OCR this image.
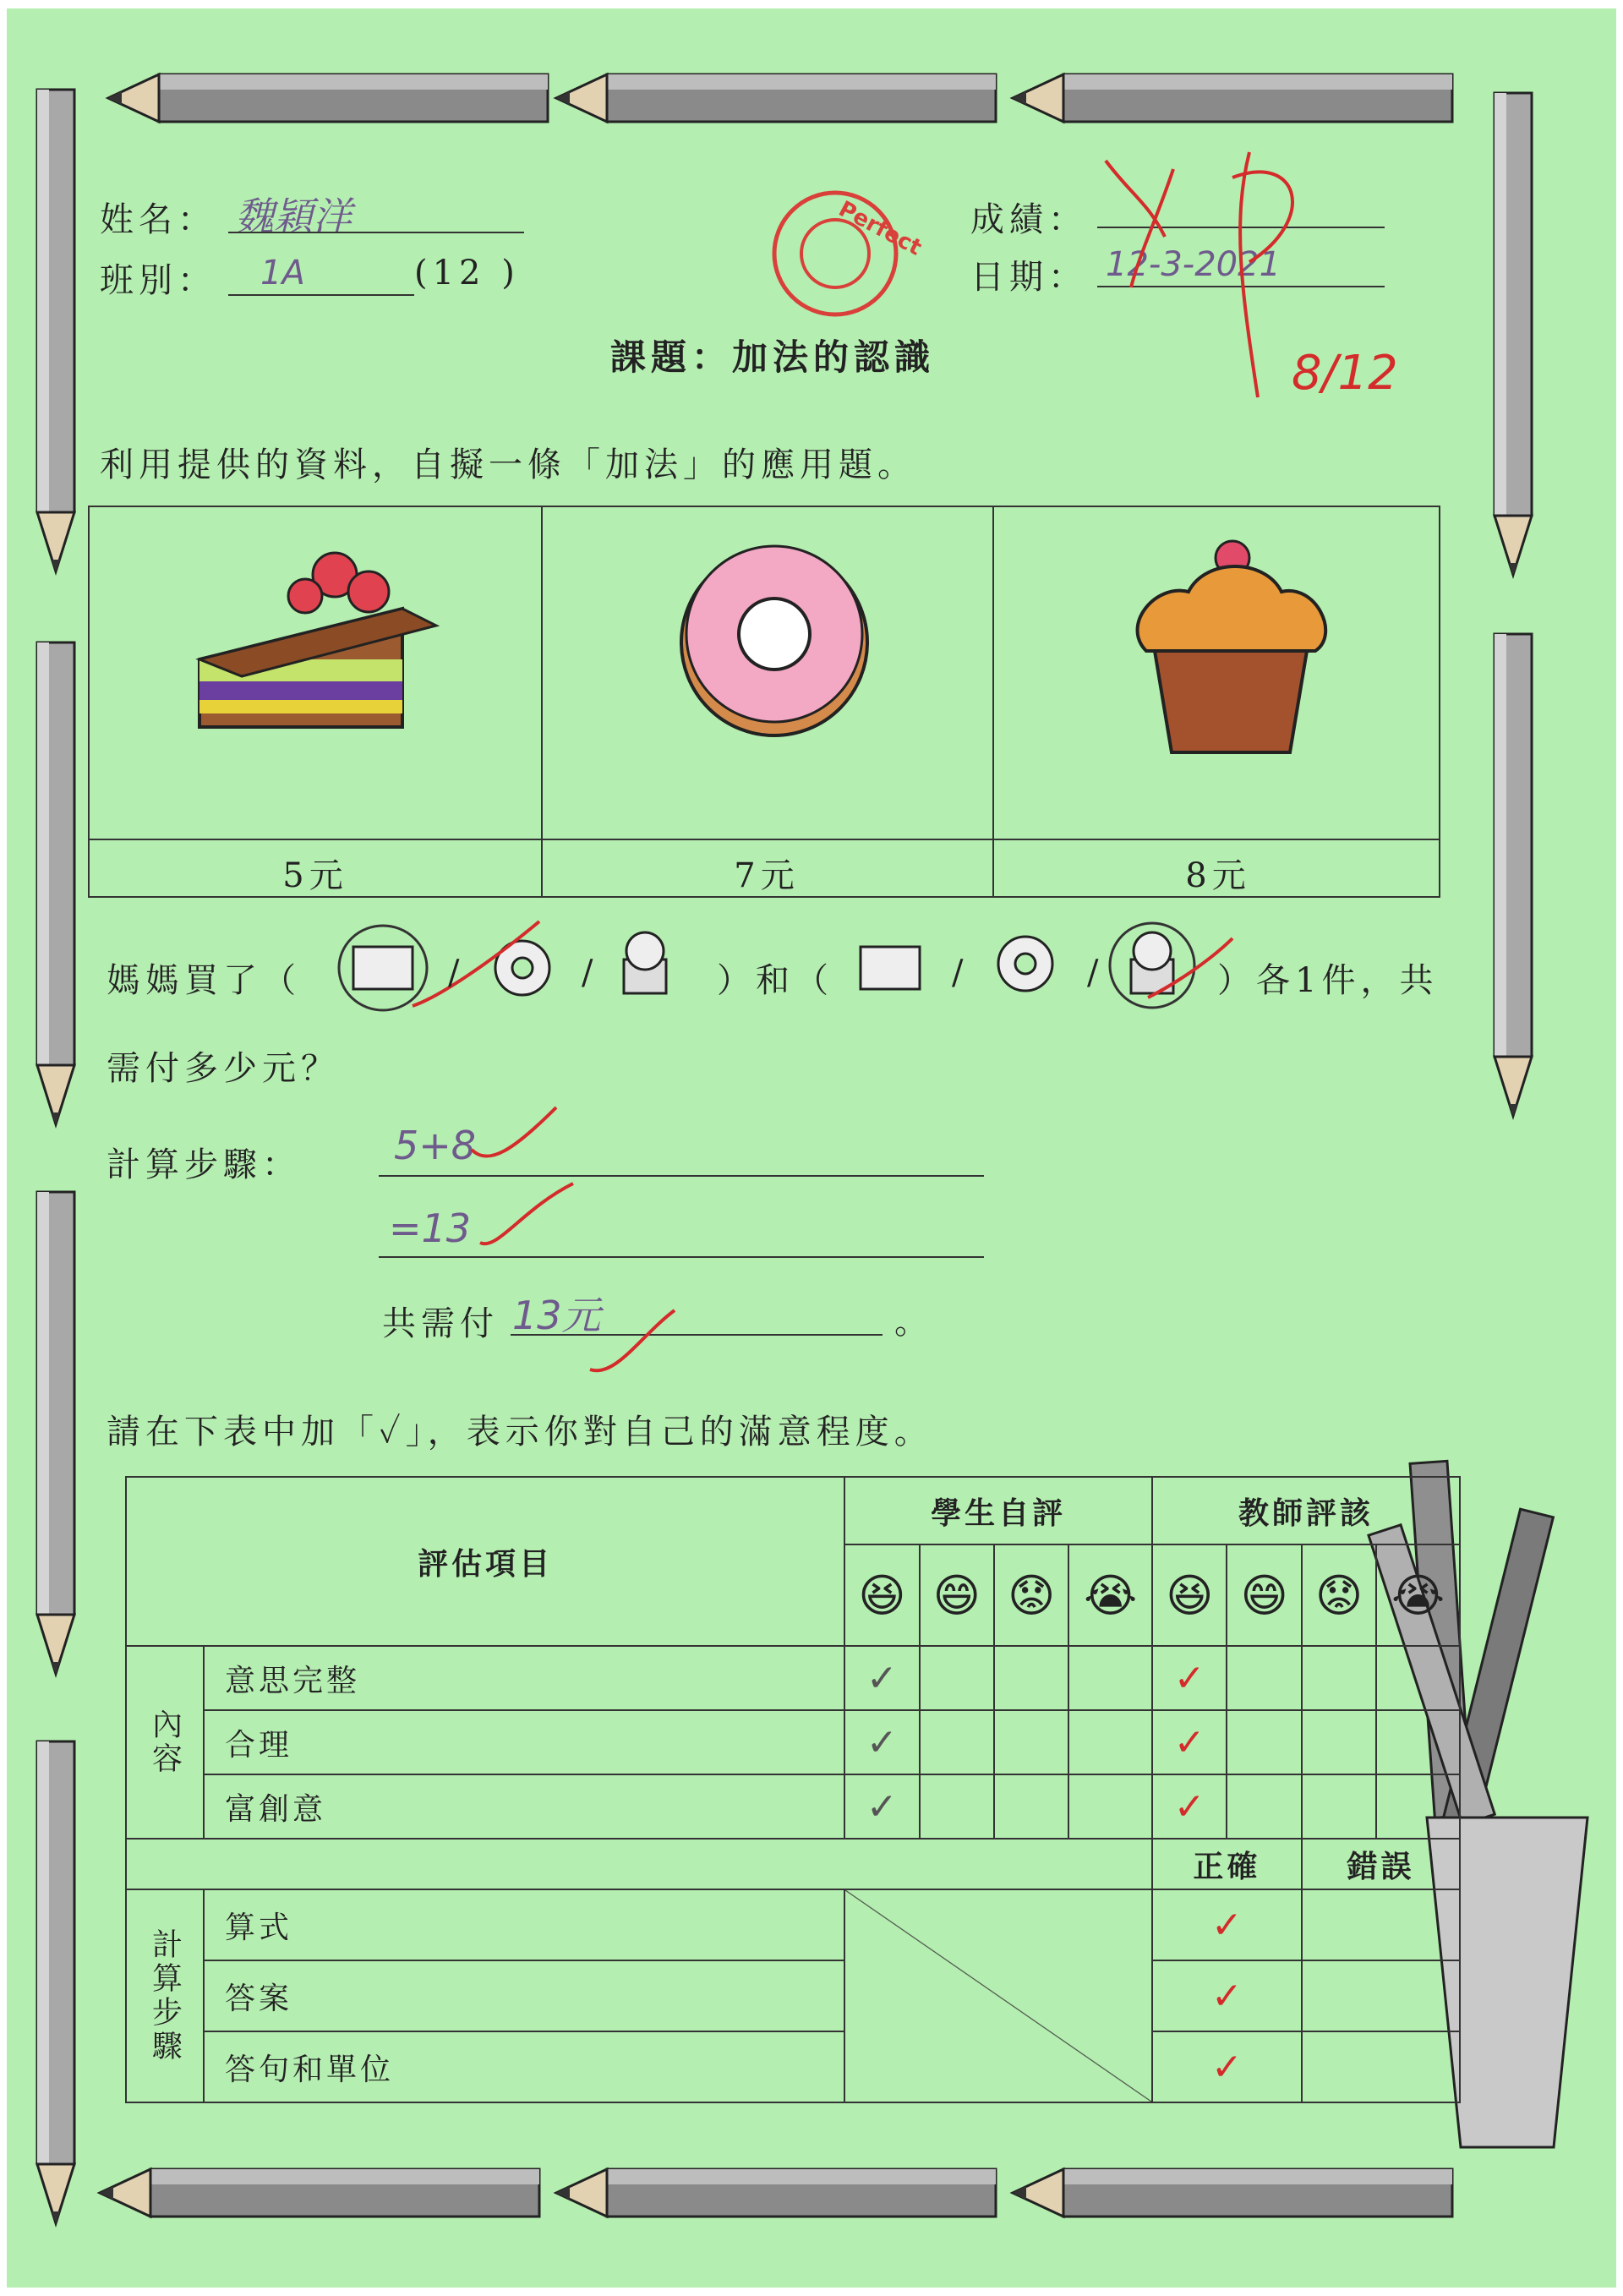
姓名： 魏穎洋
班別： 1A	(12 )
Perfect 成績：
日期： 12-3-2021
8/12
課題：加法的認識
利用提供的資料，自擬一條「加法」的應用題。
5元	7元	8元
媽媽買了（	/	/	）和（	/	/	）各1件，共
需付多少元？
計算步驟： 5+8
=13
共需付 13元	。
請在下表中加「✓」，表示你對自己的滿意程度。
評估項目		學生自評				教師評該			
		😆	😄	😟	😭	😆	😄	😟	😭
內容	意思完整	✓				✓			
	合理	✓				✓			
	富創意	✓				✓			
						正確		錯誤	
計算步驟	算式					✓			
	答案					✓			
	答句和單位					✓			
